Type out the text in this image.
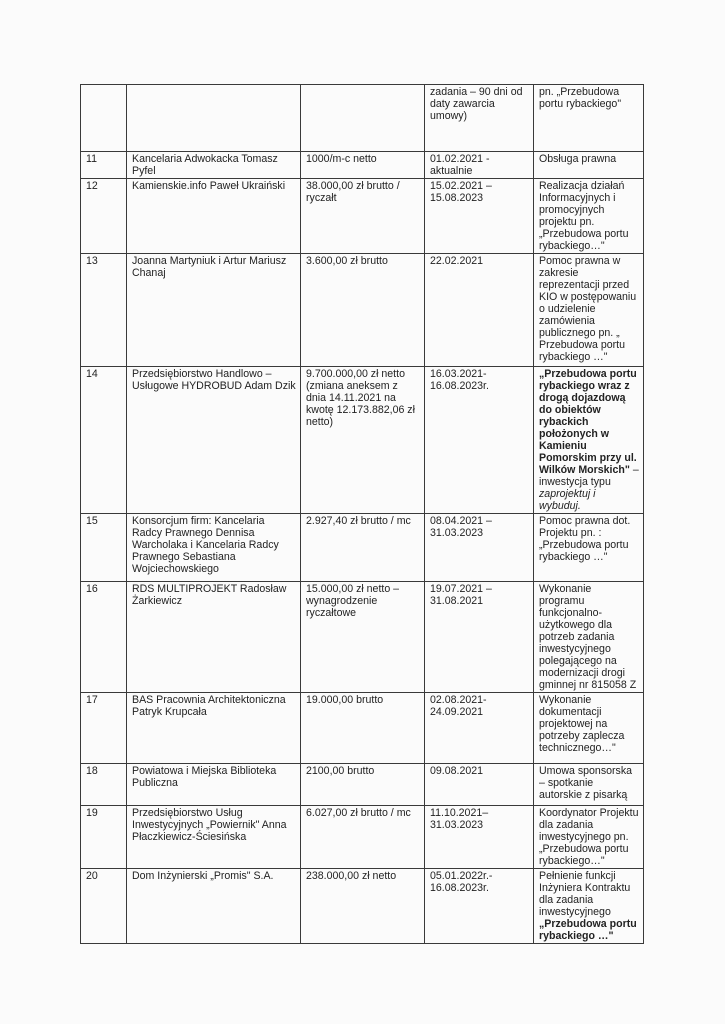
			zadania – 90 dni od daty zawarcia umowy)	pn. „Przebudowa portu rybackiego"
11	Kancelaria Adwokacka Tomasz Pyfel	1000/m-c netto	01.02.2021 - aktualnie	Obsługa prawna
12	Kamienskie.info Paweł Ukraiński	38.000,00 zł brutto / ryczałt	15.02.2021 – 15.08.2023	Realizacja działań Informacyjnych i promocyjnych projektu pn. „Przebudowa portu rybackiego…"
13	Joanna Martyniuk i Artur Mariusz Chanaj	3.600,00 zł brutto	22.02.2021	Pomoc prawna w zakresie reprezentacji przed KIO w postępowaniu o udzielenie zamówienia publicznego pn. „ Przebudowa portu rybackiego …"
14	Przedsiębiorstwo Handlowo – Usługowe HYDROBUD Adam Dzik	9.700.000,00 zł netto (zmiana aneksem z dnia 14.11.2021 na kwotę 12.173.882,06 zł netto)	16.03.2021- 16.08.2023r.	„Przebudowa portu rybackiego wraz z drogą dojazdową do obiektów rybackich położonych w Kamieniu Pomorskim przy ul. Wilków Morskich" – inwestycja typu zaprojektuj i wybuduj.
15	Konsorcjum firm: Kancelaria Radcy Prawnego Dennisa Warcholaka i Kancelaria Radcy Prawnego Sebastiana Wojciechowskiego	2.927,40 zł brutto / mc	08.04.2021 – 31.03.2023	Pomoc prawna dot. Projektu pn. : „Przebudowa portu rybackiego …"
16	RDS MULTIPROJEKT Radosław Żarkiewicz	15.000,00 zł netto – wynagrodzenie ryczałtowe	19.07.2021 – 31.08.2021	Wykonanie programu funkcjonalno-użytkowego dla potrzeb zadania inwestycyjnego polegającego na modernizacji drogi gminnej nr 815058 Z
17	BAS Pracownia Architektoniczna Patryk Krupcała	19.000,00 brutto	02.08.2021- 24.09.2021	Wykonanie dokumentacji projektowej na potrzeby zaplecza technicznego…"
18	Powiatowa i Miejska Biblioteka Publiczna	2100,00 brutto	09.08.2021	Umowa sponsorska – spotkanie autorskie z pisarką
19	Przedsiębiorstwo Usług Inwestycyjnych „Powiernik" Anna Płaczkiewicz-Ściesińska	6.027,00 zł brutto / mc	11.10.2021– 31.03.2023	Koordynator Projektu dla zadania inwestycyjnego pn. „Przebudowa portu rybackiego…"
20	Dom Inżynierski „Promis" S.A.	238.000,00 zł netto	05.01.2022r.- 16.08.2023r.	Pełnienie funkcji Inżyniera Kontraktu dla zadania inwestycyjnego „Przebudowa portu rybackiego …"
